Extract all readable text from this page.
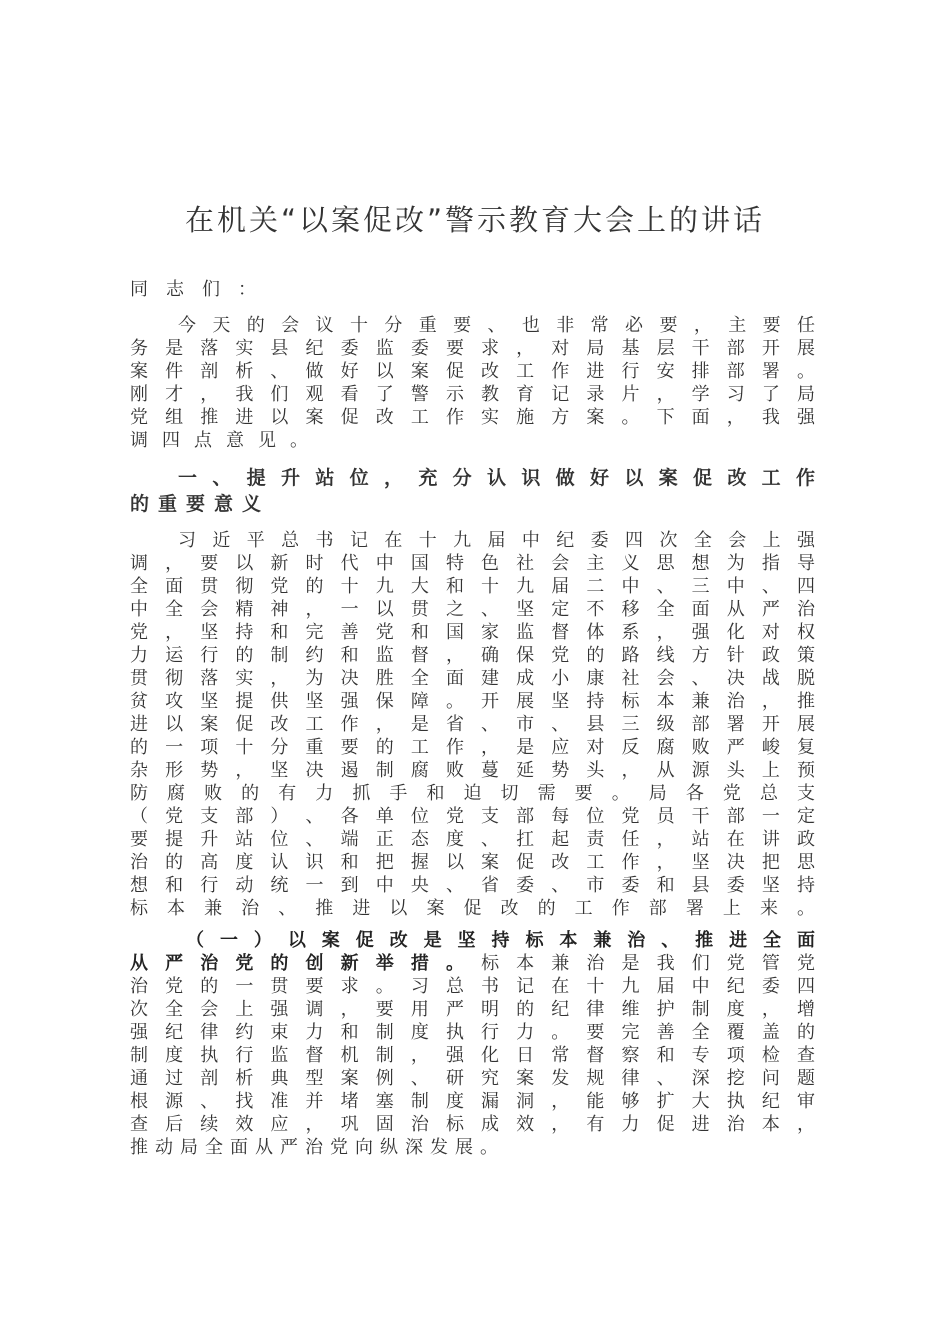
在机关“以案促改”警示教育大会上的讲话
同志们：
今​天​的​会​议​十​分​重​要​、​也​非​常​必​要​，​主​要​任
务​是​落​实​县​纪​委​监​委​要​求​，​对​局​基​层​干​部​开​展
案​件​剖​析​、​做​好​以​案​促​改​工​作​进​行​安​排​部​署​。
刚​才​，​我​们​观​看​了​警​示​教​育​记​录​片​，​学​习​了​局
党​组​推​进​以​案​促​改​工​作​实​施​方​案​。​下​面​，​我​强
调四点意见。
一​、​提​升​站​位​，​充​分​认​识​做​好​以​案​促​改​工​作
的重要意义
习​近​平​总​书​记​在​十​九​届​中​纪​委​四​次​全​会​上​强
调​，​要​以​新​时​代​中​国​特​色​社​会​主​义​思​想​为​指​导
全​面​贯​彻​党​的​十​九​大​和​十​九​届​二​中​、​三​中​、​四
中​全​会​精​神​，​一​以​贯​之​、​坚​定​不​移​全​面​从​严​治
党​，​坚​持​和​完​善​党​和​国​家​监​督​体​系​，​强​化​对​权
力​运​行​的​制​约​和​监​督​，​确​保​党​的​路​线​方​针​政​策
贯​彻​落​实​，​为​决​胜​全​面​建​成​小​康​社​会​、​决​战​脱
贫​攻​坚​提​供​坚​强​保​障​。​开​展​坚​持​标​本​兼​治​，​推
进​以​案​促​改​工​作​，​是​省​、​市​、​县​三​级​部​署​开​展
的​一​项​十​分​重​要​的​工​作​，​是​应​对​反​腐​败​严​峻​复
杂​形​势​，​坚​决​遏​制​腐​败​蔓​延​势​头​，​从​源​头​上​预
防​腐​败​的​有​力​抓​手​和​迫​切​需​要​。​局​各​党​总​支
（​党​支​部​）​、​各​单​位​党​支​部​每​位​党​员​干​部​一​定
要​提​升​站​位​、​端​正​态​度​、​扛​起​责​任​，​站​在​讲​政
治​的​高​度​认​识​和​把​握​以​案​促​改​工​作​，​坚​决​把​思
想​和​行​动​统​一​到​中​央​、​省​委​、​市​委​和​县​委​坚​持
标​本​兼​治​、​推​进​以​案​促​改​的​工​作​部​署​上​来​。
（​一​）​以​案​促​改​是​坚​持​标​本​兼​治​、​推​进​全​面
从严治党的创新举措。标本兼治是我们党管党
治​党​的​一​贯​要​求​。​习​总​书​记​在​十​九​届​中​纪​委​四
次​全​会​上​强​调​，​要​用​严​明​的​纪​律​维​护​制​度​，​增
强​纪​律​约​束​力​和​制​度​执​行​力​。​要​完​善​全​覆​盖​的
制​度​执​行​监​督​机​制​，​强​化​日​常​督​察​和​专​项​检​查
通​过​剖​析​典​型​案​例​、​研​究​案​发​规​律​、​深​挖​问​题
根​源​、​找​准​并​堵​塞​制​度​漏​洞​，​能​够​扩​大​执​纪​审
查​后​续​效​应​，​巩​固​治​标​成​效​，​有​力​促​进​治​本​，
推动局全面从严治党向纵深发展。
